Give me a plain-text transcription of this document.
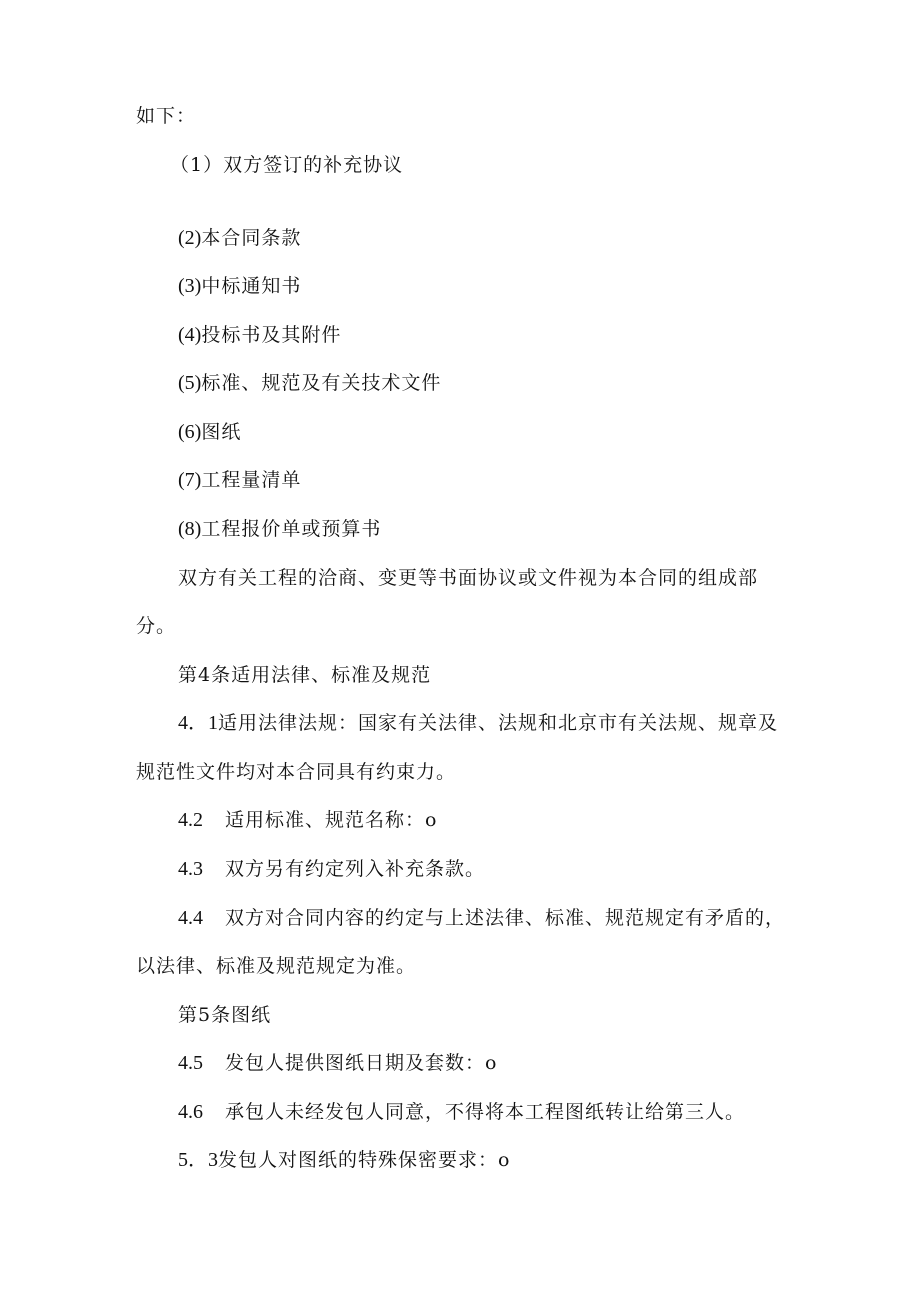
如下：
（1）双方签订的补充协议
(2)本合同条款
(3)中标通知书
(4)投标书及其附件
(5)标准、规范及有关技术文件
(6)图纸
(7)工程量清单
(8)工程报价单或预算书
双方有关工程的洽商、变更等书面协议或文件视为本合同的组成部
分。
第4条适用法律、标准及规范
4．1适用法律法规：国家有关法律、法规和北京市有关法规、规章及
规范性文件均对本合同具有约束力。
4.2 适用标准、规范名称：o
4.3 双方另有约定列入补充条款。
4.4 双方对合同内容的约定与上述法律、标准、规范规定有矛盾的，
以法律、标准及规范规定为准。
第5条图纸
4.5 发包人提供图纸日期及套数：o
4.6 承包人未经发包人同意，不得将本工程图纸转让给第三人。
5．3发包人对图纸的特殊保密要求：o
